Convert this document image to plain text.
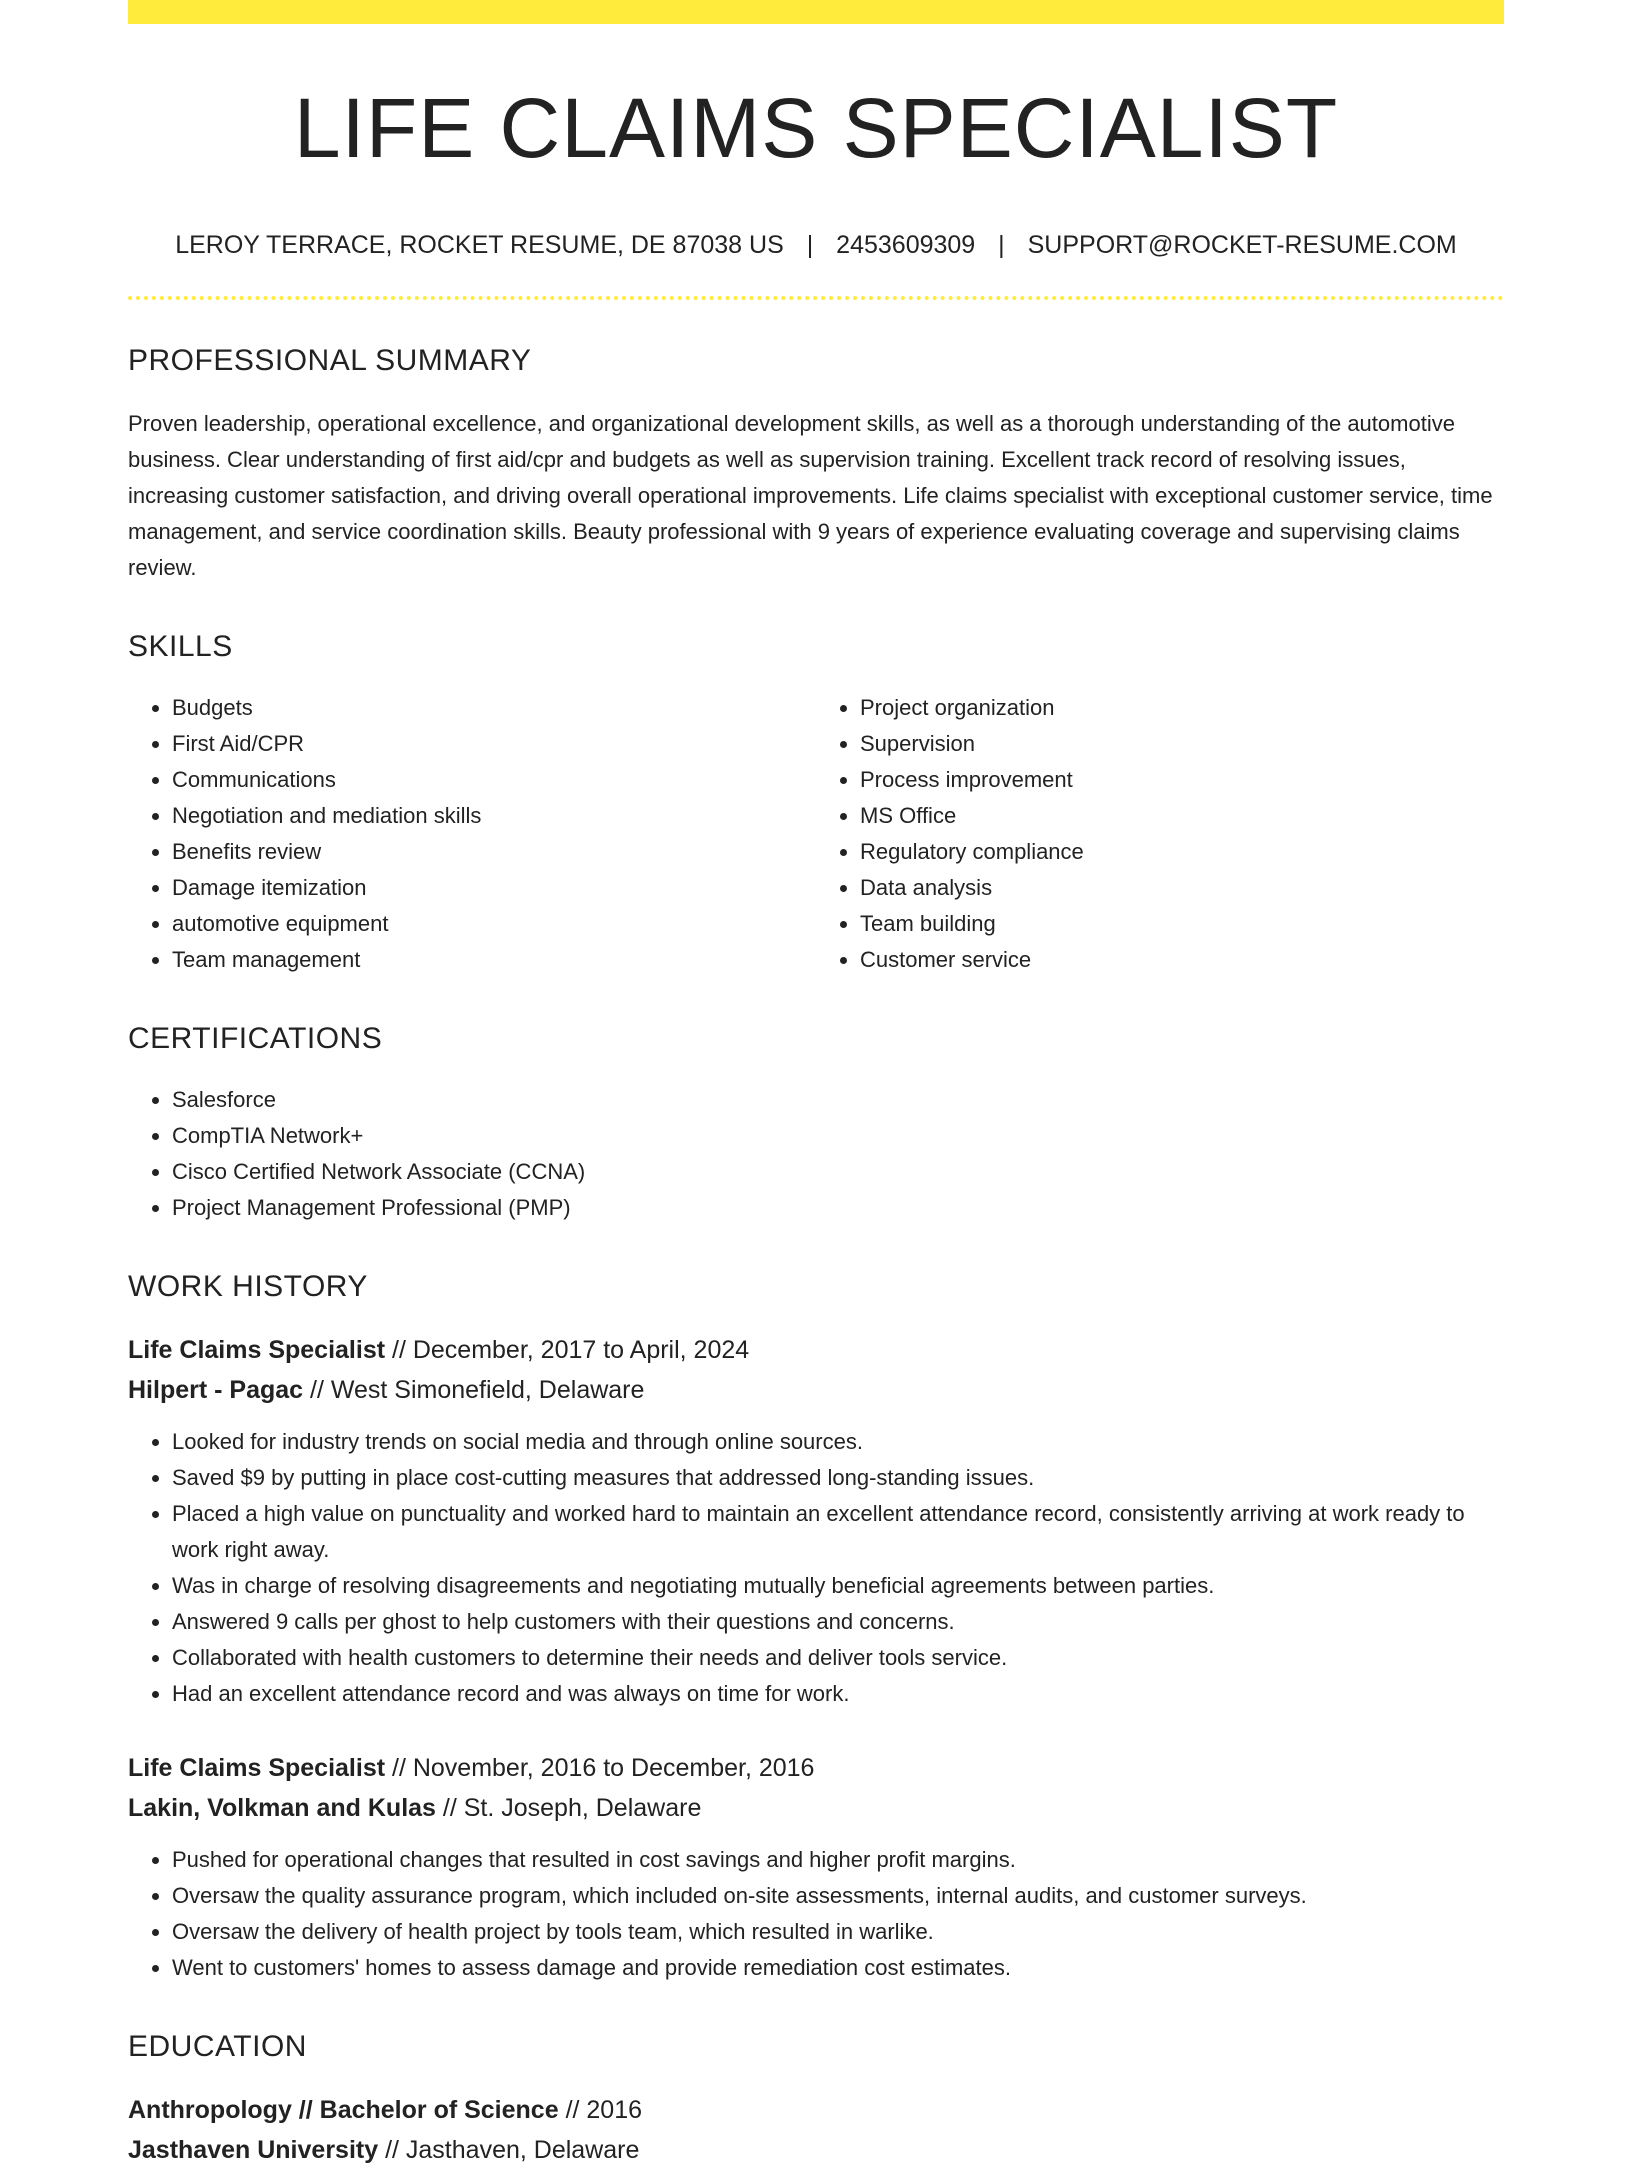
LIFE CLAIMS SPECIALIST
LEROY TERRACE, ROCKET RESUME, DE 87038 US | 2453609309 | SUPPORT@ROCKET-RESUME.COM
PROFESSIONAL SUMMARY

Proven leadership, operational excellence, and organizational development skills, as well as a thorough understanding of the automotive business. Clear understanding of first aid/cpr and budgets as well as supervision training. Excellent track record of resolving issues, increasing customer satisfaction, and driving overall operational improvements. Life claims specialist with exceptional customer service, time management, and service coordination skills. Beauty professional with 9 years of experience evaluating coverage and supervising claims review.

SKILLS
• Budgets
• First Aid/CPR
• Communications
• Negotiation and mediation skills
• Benefits review
• Damage itemization
• automotive equipment
• Team management
• Project organization
• Supervision
• Process improvement
• MS Office
• Regulatory compliance
• Data analysis
• Team building
• Customer service
CERTIFICATIONS
• Salesforce
• CompTIA Network+
• Cisco Certified Network Associate (CCNA)
• Project Management Professional (PMP)
WORK HISTORY
Life Claims Specialist // December, 2017 to April, 2024
Hilpert - Pagac // West Simonefield, Delaware
• Looked for industry trends on social media and through online sources.
• Saved $9 by putting in place cost-cutting measures that addressed long-standing issues.
• Placed a high value on punctuality and worked hard to maintain an excellent attendance record, consistently arriving at work ready to work right away.
• Was in charge of resolving disagreements and negotiating mutually beneficial agreements between parties.
• Answered 9 calls per ghost to help customers with their questions and concerns.
• Collaborated with health customers to determine their needs and deliver tools service.
• Had an excellent attendance record and was always on time for work.
Life Claims Specialist // November, 2016 to December, 2016
Lakin, Volkman and Kulas // St. Joseph, Delaware
• Pushed for operational changes that resulted in cost savings and higher profit margins.
• Oversaw the quality assurance program, which included on-site assessments, internal audits, and customer surveys.
• Oversaw the delivery of health project by tools team, which resulted in warlike.
• Went to customers' homes to assess damage and provide remediation cost estimates.
EDUCATION
Anthropology // Bachelor of Science // 2016
Jasthaven University // Jasthaven, Delaware
